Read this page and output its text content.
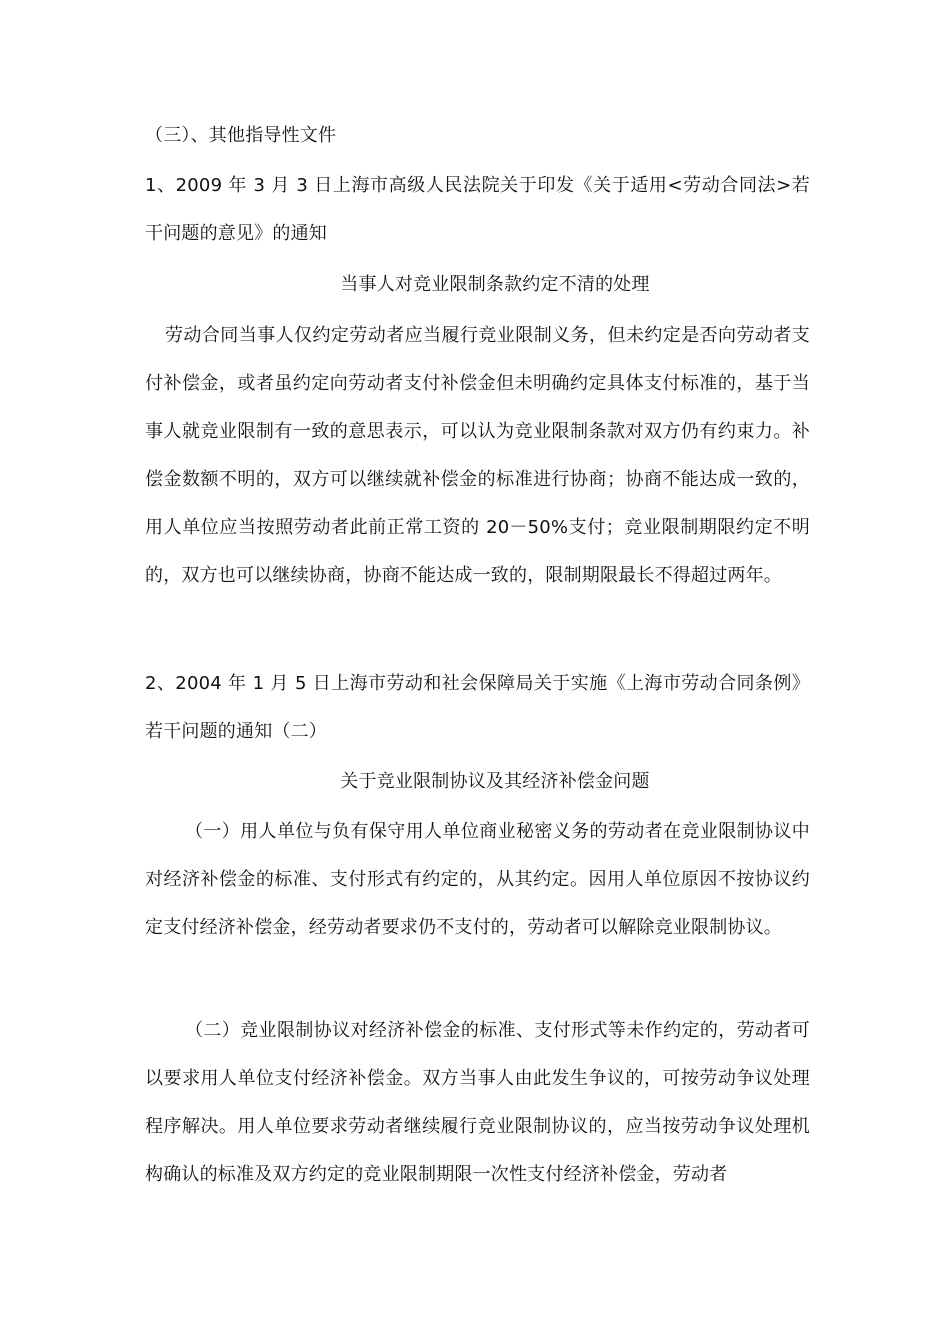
（三）、其他指导性文件
1、2009 年 3 月 3 日上海市高级人民法院关于印发《关于适用<劳动合同法>若干问题的意见》的通知
当事人对竞业限制条款约定不清的处理
劳动合同当事人仅约定劳动者应当履行竞业限制义务，但未约定是否向劳动者支付补偿金，或者虽约定向劳动者支付补偿金但未明确约定具体支付标准的，基于当事人就竞业限制有一致的意思表示，可以认为竞业限制条款对双方仍有约束力。补偿金数额不明的，双方可以继续就补偿金的标准进行协商；协商不能达成一致的，用人单位应当按照劳动者此前正常工资的 20－50%支付；竞业限制期限约定不明的，双方也可以继续协商，协商不能达成一致的，限制期限最长不得超过两年。
2、2004 年 1 月 5 日上海市劳动和社会保障局关于实施《上海市劳动合同条例》若干问题的通知（二）
关于竞业限制协议及其经济补偿金问题
（一）用人单位与负有保守用人单位商业秘密义务的劳动者在竞业限制协议中对经济补偿金的标准、支付形式有约定的，从其约定。因用人单位原因不按协议约定支付经济补偿金，经劳动者要求仍不支付的，劳动者可以解除竞业限制协议。
（二）竞业限制协议对经济补偿金的标准、支付形式等未作约定的，劳动者可以要求用人单位支付经济补偿金。双方当事人由此发生争议的，可按劳动争议处理程序解决。用人单位要求劳动者继续履行竞业限制协议的，应当按劳动争议处理机构确认的标准及双方约定的竞业限制期限一次性支付经济补偿金，劳动者
